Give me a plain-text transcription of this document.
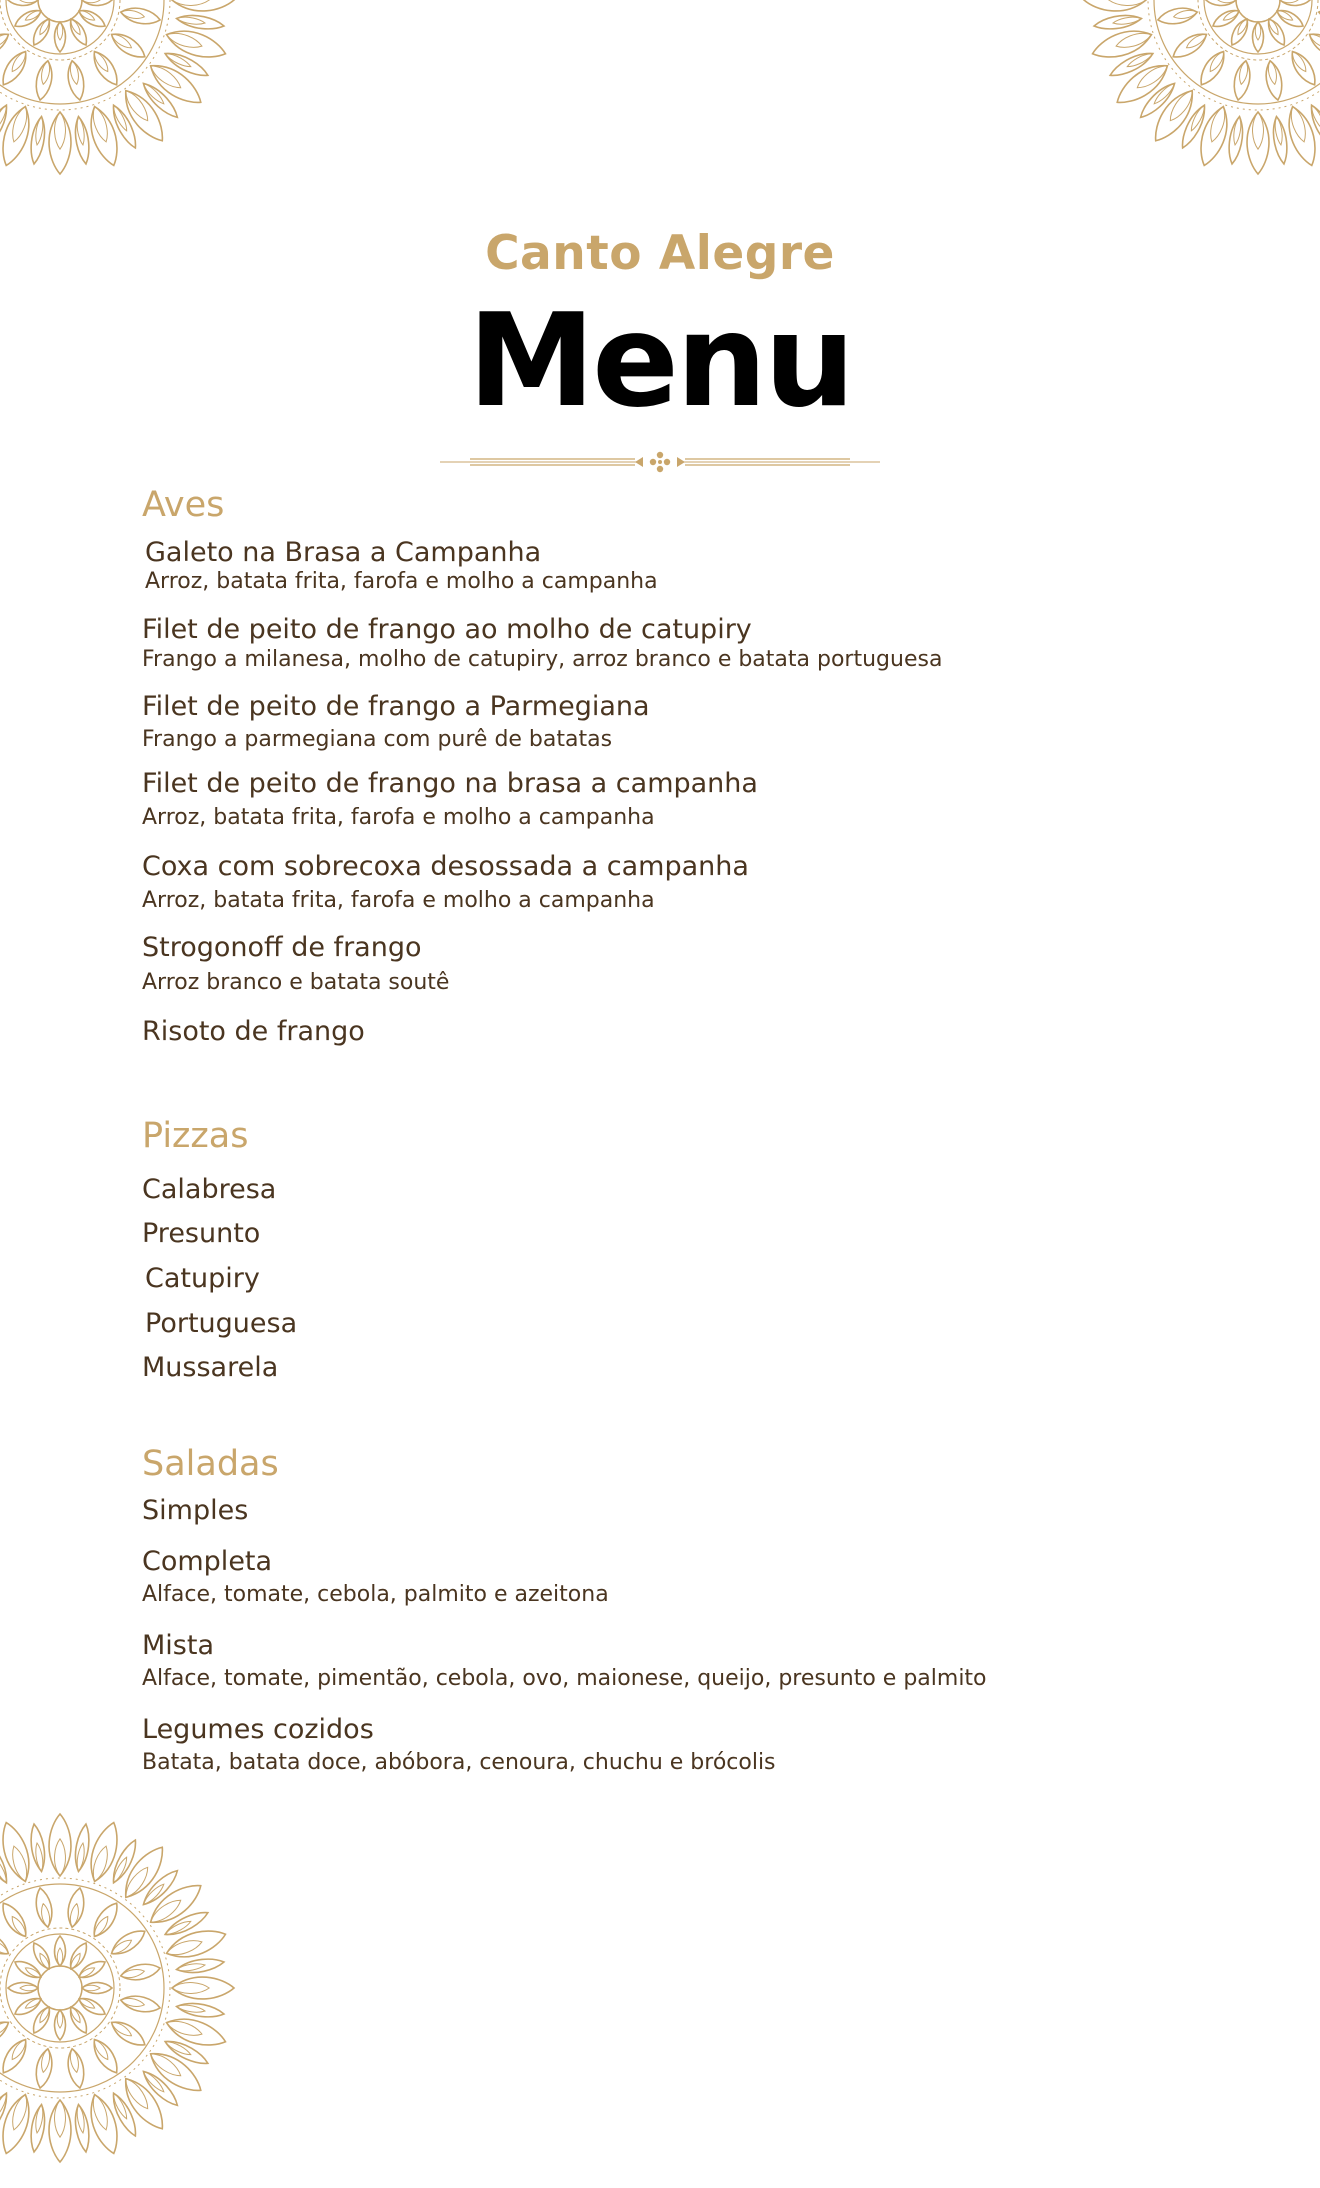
Canto Alegre
Menu
Aves
Galeto na Brasa a Campanha
Arroz, batata frita, farofa e molho a campanha
Filet de peito de frango ao molho de catupiry
Frango a milanesa, molho de catupiry, arroz branco e batata portuguesa
Filet de peito de frango a Parmegiana
Frango a parmegiana com purê de batatas
Filet de peito de frango na brasa a campanha
Arroz, batata frita, farofa e molho a campanha
Coxa com sobrecoxa desossada a campanha
Arroz, batata frita, farofa e molho a campanha
Strogonoff de frango
Arroz branco e batata soutê
Risoto de frango
Pizzas
Calabresa
Presunto
Catupiry
Portuguesa
Mussarela
Saladas
Simples
Completa
Alface, tomate, cebola, palmito e azeitona
Mista
Alface, tomate, pimentão, cebola, ovo, maionese, queijo, presunto e palmito
Legumes cozidos
Batata, batata doce, abóbora, cenoura, chuchu e brócolis
